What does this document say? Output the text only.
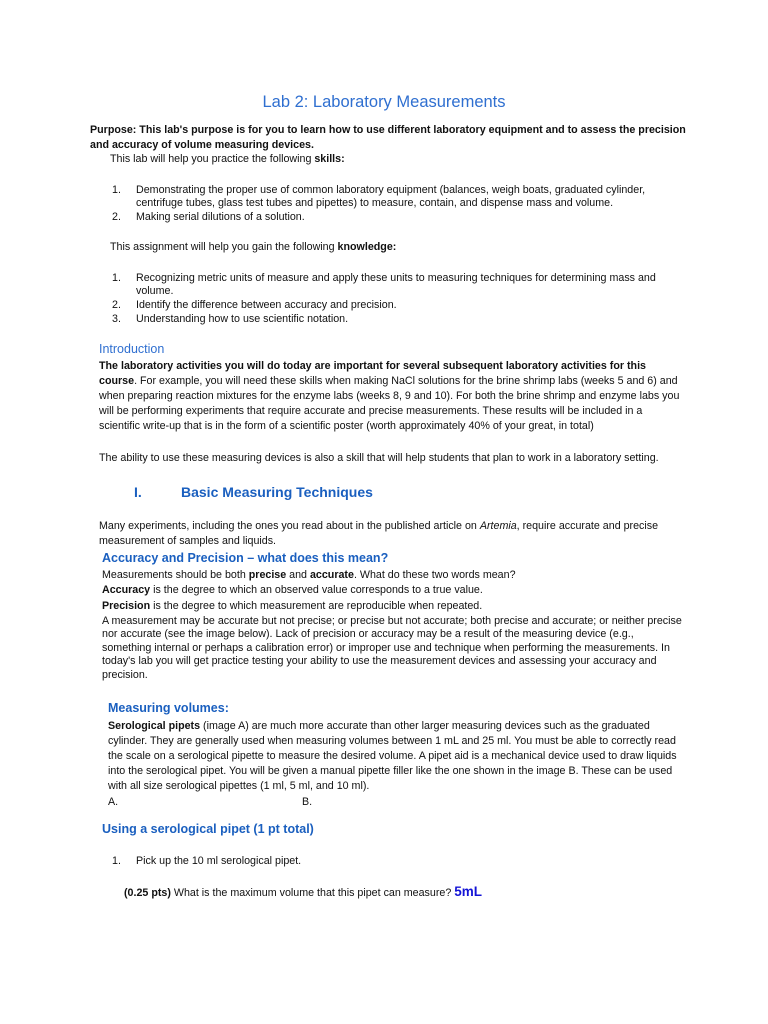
Lab 2: Laboratory Measurements
Purpose: This lab's purpose is for you to learn how to use different laboratory equipment and to assess the precision and accuracy of volume measuring devices.
This lab will help you practice the following skills:
1. Demonstrating the proper use of common laboratory equipment (balances, weigh boats, graduated cylinder, centrifuge tubes, glass test tubes and pipettes) to measure, contain, and dispense mass and volume.
2. Making serial dilutions of a solution.
This assignment will help you gain the following knowledge:
1. Recognizing metric units of measure and apply these units to measuring techniques for determining mass and volume.
2. Identify the difference between accuracy and precision.
3. Understanding how to use scientific notation.
Introduction
The laboratory activities you will do today are important for several subsequent laboratory activities for this course. For example, you will need these skills when making NaCl solutions for the brine shrimp labs (weeks 5 and 6) and when preparing reaction mixtures for the enzyme labs (weeks 8, 9 and 10). For both the brine shrimp and enzyme labs you will be performing experiments that require accurate and precise measurements. These results will be included in a scientific write-up that is in the form of a scientific poster (worth approximately 40% of your great, in total)
The ability to use these measuring devices is also a skill that will help students that plan to work in a laboratory setting.
I.	Basic Measuring Techniques
Many experiments, including the ones you read about in the published article on Artemia, require accurate and precise measurement of samples and liquids.
Accuracy and Precision – what does this mean?
Measurements should be both precise and accurate. What do these two words mean?
Accuracy is the degree to which an observed value corresponds to a true value.
Precision is the degree to which measurement are reproducible when repeated.
A measurement may be accurate but not precise; or precise but not accurate; both precise and accurate; or neither precise nor accurate (see the image below). Lack of precision or accuracy may be a result of the measuring device (e.g., something internal or perhaps a calibration error) or improper use and technique when performing the measurements. In today's lab you will get practice testing your ability to use the measurement devices and assessing your accuracy and precision.
Measuring volumes:
Serological pipets (image A) are much more accurate than other larger measuring devices such as the graduated cylinder. They are generally used when measuring volumes between 1 mL and 25 ml. You must be able to correctly read the scale on a serological pipette to measure the desired volume. A pipet aid is a mechanical device used to draw liquids into the serological pipet. You will be given a manual pipette filler like the one shown in the image B. These can be used with all size serological pipettes (1 ml, 5 ml, and 10 ml).
A.	B.
Using a serological pipet (1 pt total)
1. Pick up the 10 ml serological pipet.
(0.25 pts) What is the maximum volume that this pipet can measure? 5mL
